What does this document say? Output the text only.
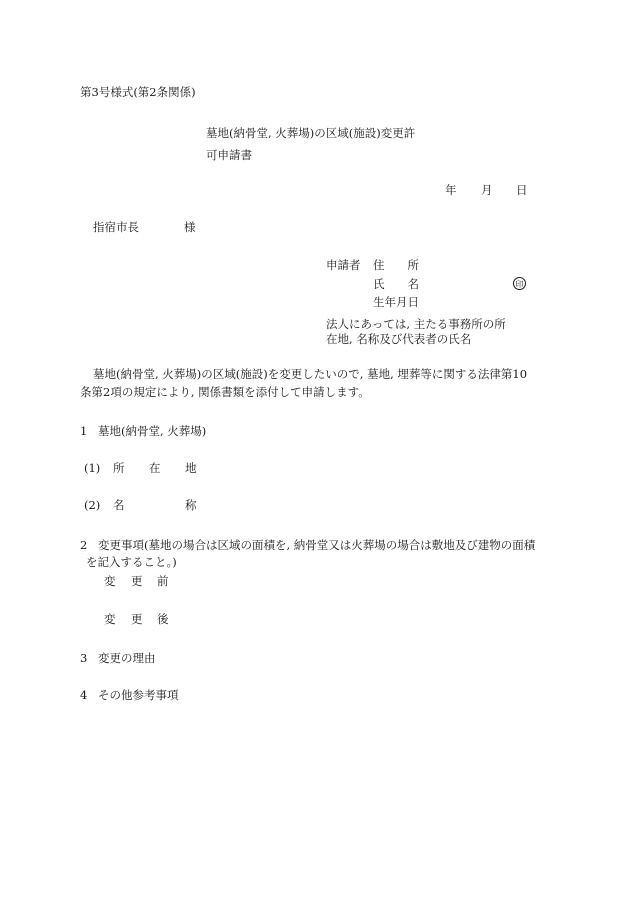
第3号様式(第2条関係)
墓地(納骨堂, 火葬場)の区域(施設)変更許
可申請書
年 月 日
指宿市長	様
申請者 住　　所
氏　　名	印
生年月日
法人にあっては, 主たる事務所の所
在地, 名称及び代表者の氏名
墓地(納骨堂, 火葬場)の区域(施設)を変更したいので, 墓地, 埋葬等に関する法律第10
条第2項の規定により, 関係書類を添付して申請します。
1 墓地(納骨堂, 火葬場)
(1) 所 在 地
(2) 名	称
2 変更事項(墓地の場合は区域の面積を, 納骨堂又は火葬場の場合は敷地及び建物の面積
を記入すること。)
変 更 前
変 更 後
3 変更の理由
4 その他参考事項
